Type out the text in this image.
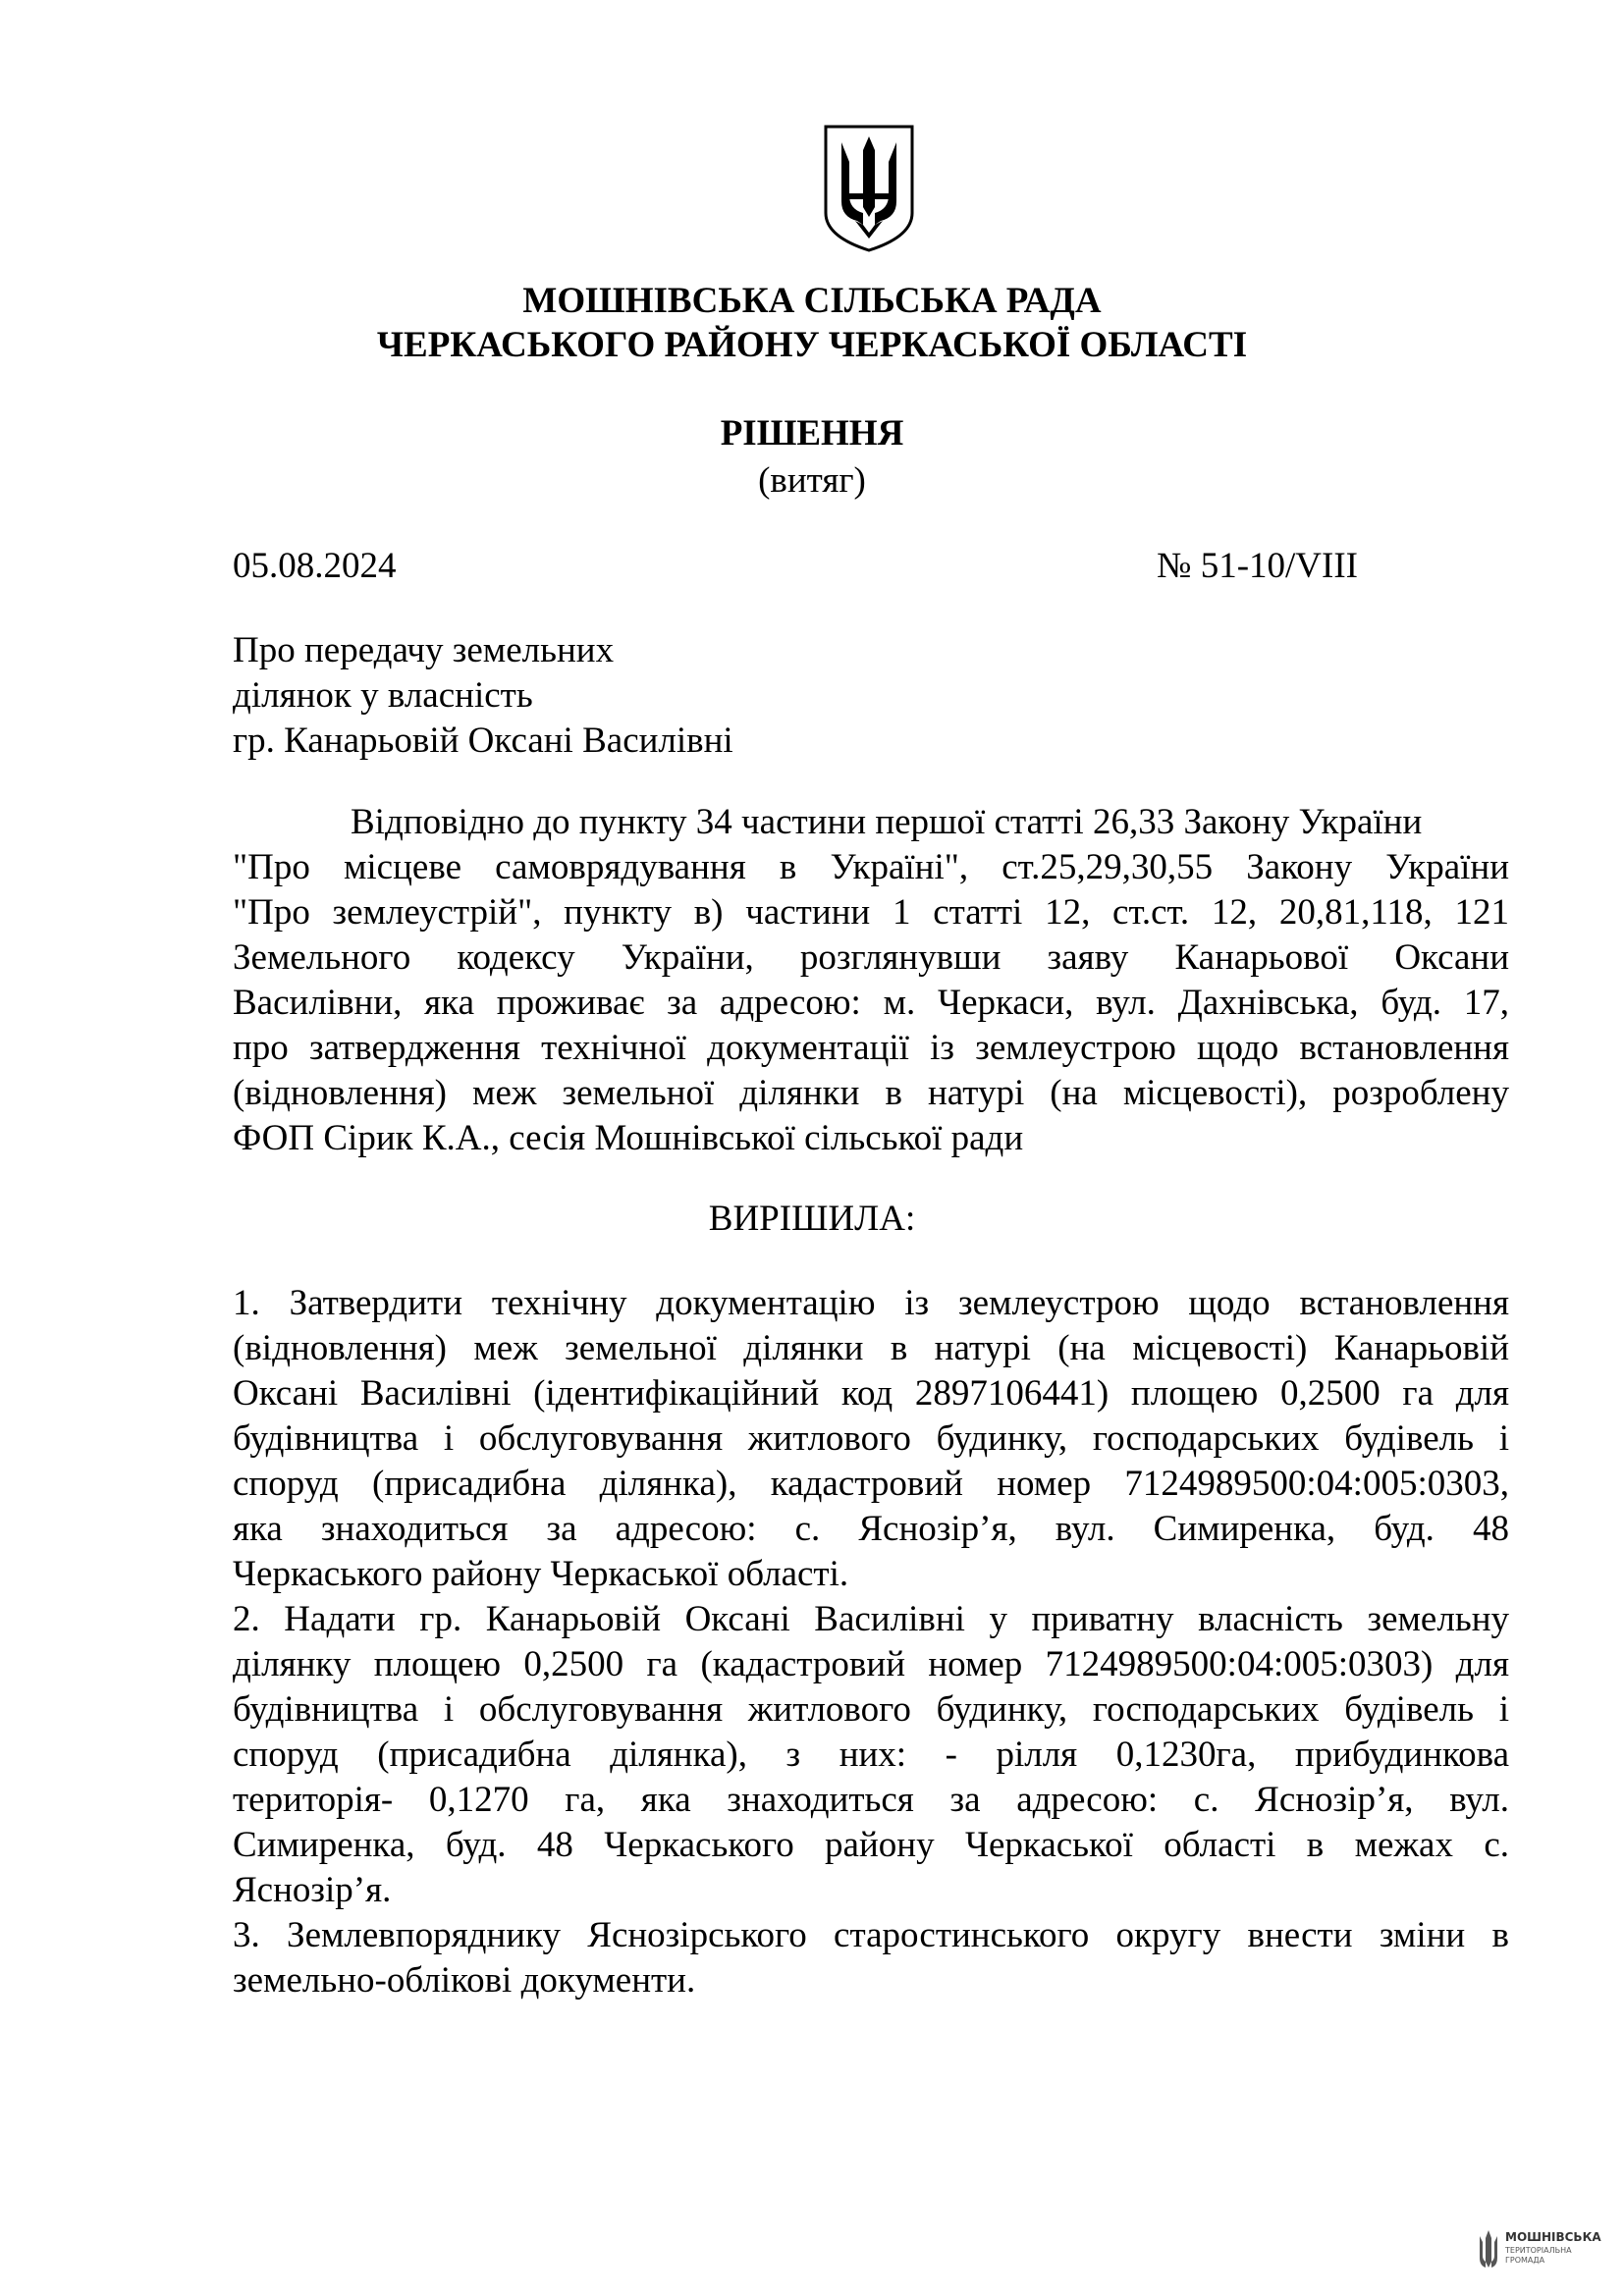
МОШНІВСЬКА СІЛЬСЬКА РАДА
ЧЕРКАСЬКОГО РАЙОНУ ЧЕРКАСЬКОЇ ОБЛАСТІ
РІШЕННЯ
(витяг)
05.08.2024	№ 51-10/VIII
Про передачу земельних
ділянок у власність
гр. Канарьовій Оксані Василівні
Відповідно до пункту 34 частини першої статті 26,33 Закону України
"Про місцеве самоврядування в Україні", ст.25,29,30,55 Закону України
"Про землеустрій", пункту в) частини 1 статті 12, ст.ст. 12, 20,81,118, 121
Земельного кодексу України, розглянувши заяву Канарьової Оксани
Василівни, яка проживає за адресою: м. Черкаси, вул. Дахнівська, буд. 17,
про затвердження технічної документації із землеустрою щодо встановлення
(відновлення) меж земельної ділянки в натурі (на місцевості), розроблену
ФОП Сірик К.А., сесія Мошнівської сільської ради
ВИРІШИЛА:
1. Затвердити технічну документацію із землеустрою щодо встановлення
(відновлення) меж земельної ділянки в натурі (на місцевості) Канарьовій
Оксані Василівні (ідентифікаційний код 2897106441) площею 0,2500 га для
будівництва і обслуговування житлового будинку, господарських будівель і
споруд (присадибна ділянка), кадастровий номер 7124989500:04:005:0303,
яка знаходиться за адресою: с. Яснозір’я, вул. Симиренка, буд. 48
Черкаського району Черкаської області.
2. Надати гр. Канарьовій Оксані Василівні у приватну власність земельну
ділянку площею 0,2500 га (кадастровий номер 7124989500:04:005:0303) для
будівництва і обслуговування житлового будинку, господарських будівель і
споруд (присадибна ділянка), з них: - рілля 0,1230га, прибудинкова
територія- 0,1270 га, яка знаходиться за адресою: с. Яснозір’я, вул.
Симиренка, буд. 48 Черкаського району Черкаської області в межах с.
Яснозір’я.
3. Землевпоряднику Яснозірського старостинського округу внести зміни в
земельно-облікові документи.
МОШНІВСЬКА
ТЕРИТОРІАЛЬНА
ГРОМАДА
